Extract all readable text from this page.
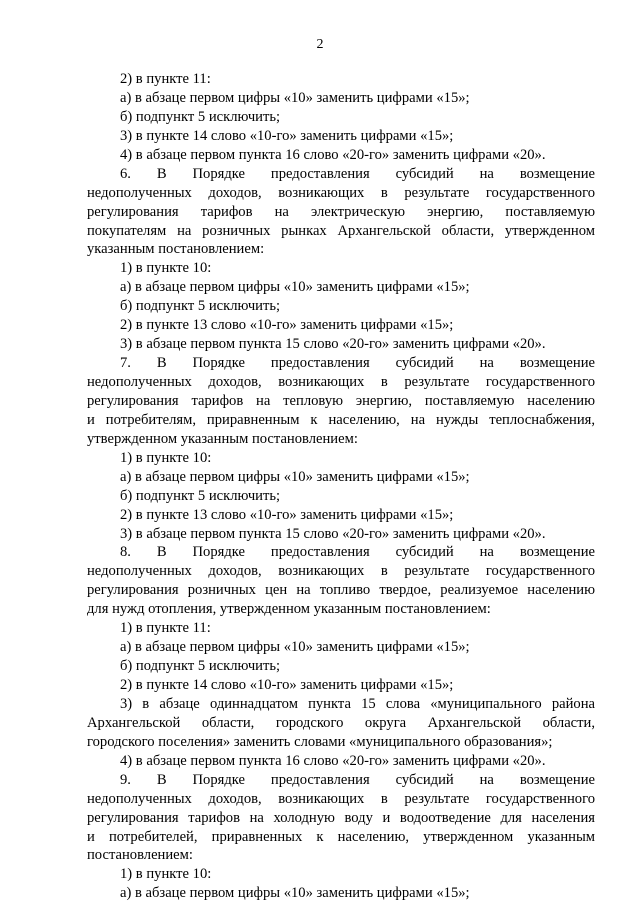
2
2) в пункте 11:
а) в абзаце первом цифры «10» заменить цифрами «15»;
б) подпункт 5 исключить;
3) в пункте 14 слово «10-го» заменить цифрами «15»;
4) в абзаце первом пункта 16 слово «20-го» заменить цифрами «20».
6. В Порядке предоставления субсидий на возмещение
недополученных доходов, возникающих в результате государственного
регулирования тарифов на электрическую энергию, поставляемую
покупателям на розничных рынках Архангельской области, утвержденном
указанным постановлением:
1) в пункте 10:
а) в абзаце первом цифры «10» заменить цифрами «15»;
б) подпункт 5 исключить;
2) в пункте 13 слово «10-го» заменить цифрами «15»;
3) в абзаце первом пункта 15 слово «20-го» заменить цифрами «20».
7. В Порядке предоставления субсидий на возмещение
недополученных доходов, возникающих в результате государственного
регулирования тарифов на тепловую энергию, поставляемую населению
и потребителям, приравненным к населению, на нужды теплоснабжения,
утвержденном указанным постановлением:
1) в пункте 10:
а) в абзаце первом цифры «10» заменить цифрами «15»;
б) подпункт 5 исключить;
2) в пункте 13 слово «10-го» заменить цифрами «15»;
3) в абзаце первом пункта 15 слово «20-го» заменить цифрами «20».
8. В Порядке предоставления субсидий на возмещение
недополученных доходов, возникающих в результате государственного
регулирования розничных цен на топливо твердое, реализуемое населению
для нужд отопления, утвержденном указанным постановлением:
1) в пункте 11:
а) в абзаце первом цифры «10» заменить цифрами «15»;
б) подпункт 5 исключить;
2) в пункте 14 слово «10-го» заменить цифрами «15»;
3) в абзаце одиннадцатом пункта 15 слова «муниципального района
Архангельской области, городского округа Архангельской области,
городского поселения» заменить словами «муниципального образования»;
4) в абзаце первом пункта 16 слово «20-го» заменить цифрами «20».
9. В Порядке предоставления субсидий на возмещение
недополученных доходов, возникающих в результате государственного
регулирования тарифов на холодную воду и водоотведение для населения
и потребителей, приравненных к населению, утвержденном указанным
постановлением:
1) в пункте 10:
а) в абзаце первом цифры «10» заменить цифрами «15»;
